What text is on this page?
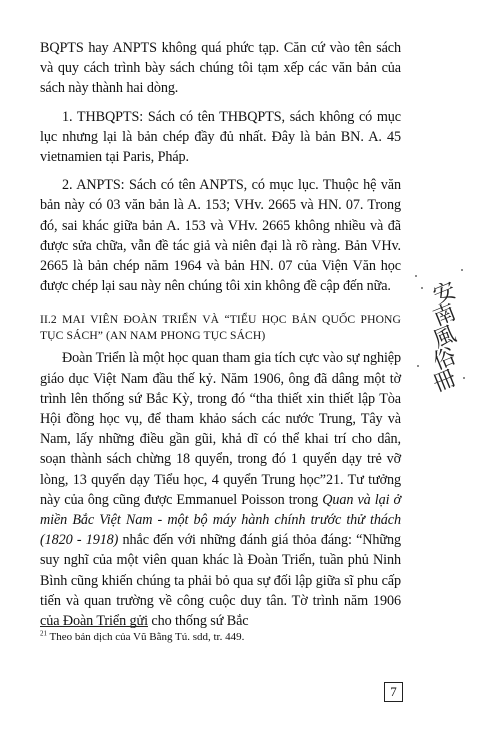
BQPTS hay ANPTS không quá phức tạp. Căn cứ vào tên sách và quy cách trình bày sách chúng tôi tạm xếp các văn bản của sách này thành hai dòng.

1. THBQPTS: Sách có tên THBQPTS, sách không có mục lục nhưng lại là bản chép đầy đủ nhất. Đây là bản BN. A. 45 vietnamien tại Paris, Pháp.

2. ANPTS: Sách có tên ANPTS, có mục lục. Thuộc hệ văn bản này có 03 văn bản là A. 153; VHv. 2665 và HN. 07. Trong đó, sai khác giữa bản A. 153 và VHv. 2665 không nhiều và đã được sửa chữa, vẫn đề tác giả và niên đại là rõ ràng. Bản VHv. 2665 là bản chép năm 1964 và bản HN. 07 của Viện Văn học được chép lại sau này nên chúng tôi xin không đề cập đến nữa.

II.2 MAI VIÊN ĐOÀN TRIỂN VÀ “TIỂU HỌC BẢN QUỐC PHONG TỤC SÁCH” (AN NAM PHONG TỤC SÁCH)

Đoàn Triển là một học quan tham gia tích cực vào sự nghiệp giáo dục Việt Nam đầu thế kỷ. Năm 1906, ông đã dâng một tờ trình lên thống sứ Bắc Kỳ, trong đó “tha thiết xin thiết lập Tòa Hội đồng học vụ, để tham khảo sách các nước Trung, Tây và Nam, lấy những điều gần gũi, khả dĩ có thể khai trí cho dân, soạn thành sách chừng 18 quyển, trong đó 1 quyển dạy trẻ vỡ lòng, 13 quyển dạy Tiểu học, 4 quyển Trung học”21. Tư tưởng này của ông cũng được Emmanuel Poisson trong Quan và lại ở miền Bắc Việt Nam - một bộ máy hành chính trước thử thách (1820 - 1918) nhắc đến với những đánh giá thỏa đáng: “Những suy nghĩ của một viên quan khác là Đoàn Triển, tuần phủ Ninh Bình cũng khiến chúng ta phải bỏ qua sự đối lập giữa sĩ phu cấp tiến và quan trường về công cuộc duy tân. Tờ trình năm 1906 của Đoàn Triển gửi cho thống sứ Bắc

$^{21}$ Theo bản dịch của Vũ Bằng Tú. sdd, tr. 449.
7
安
南
風
俗
冊
